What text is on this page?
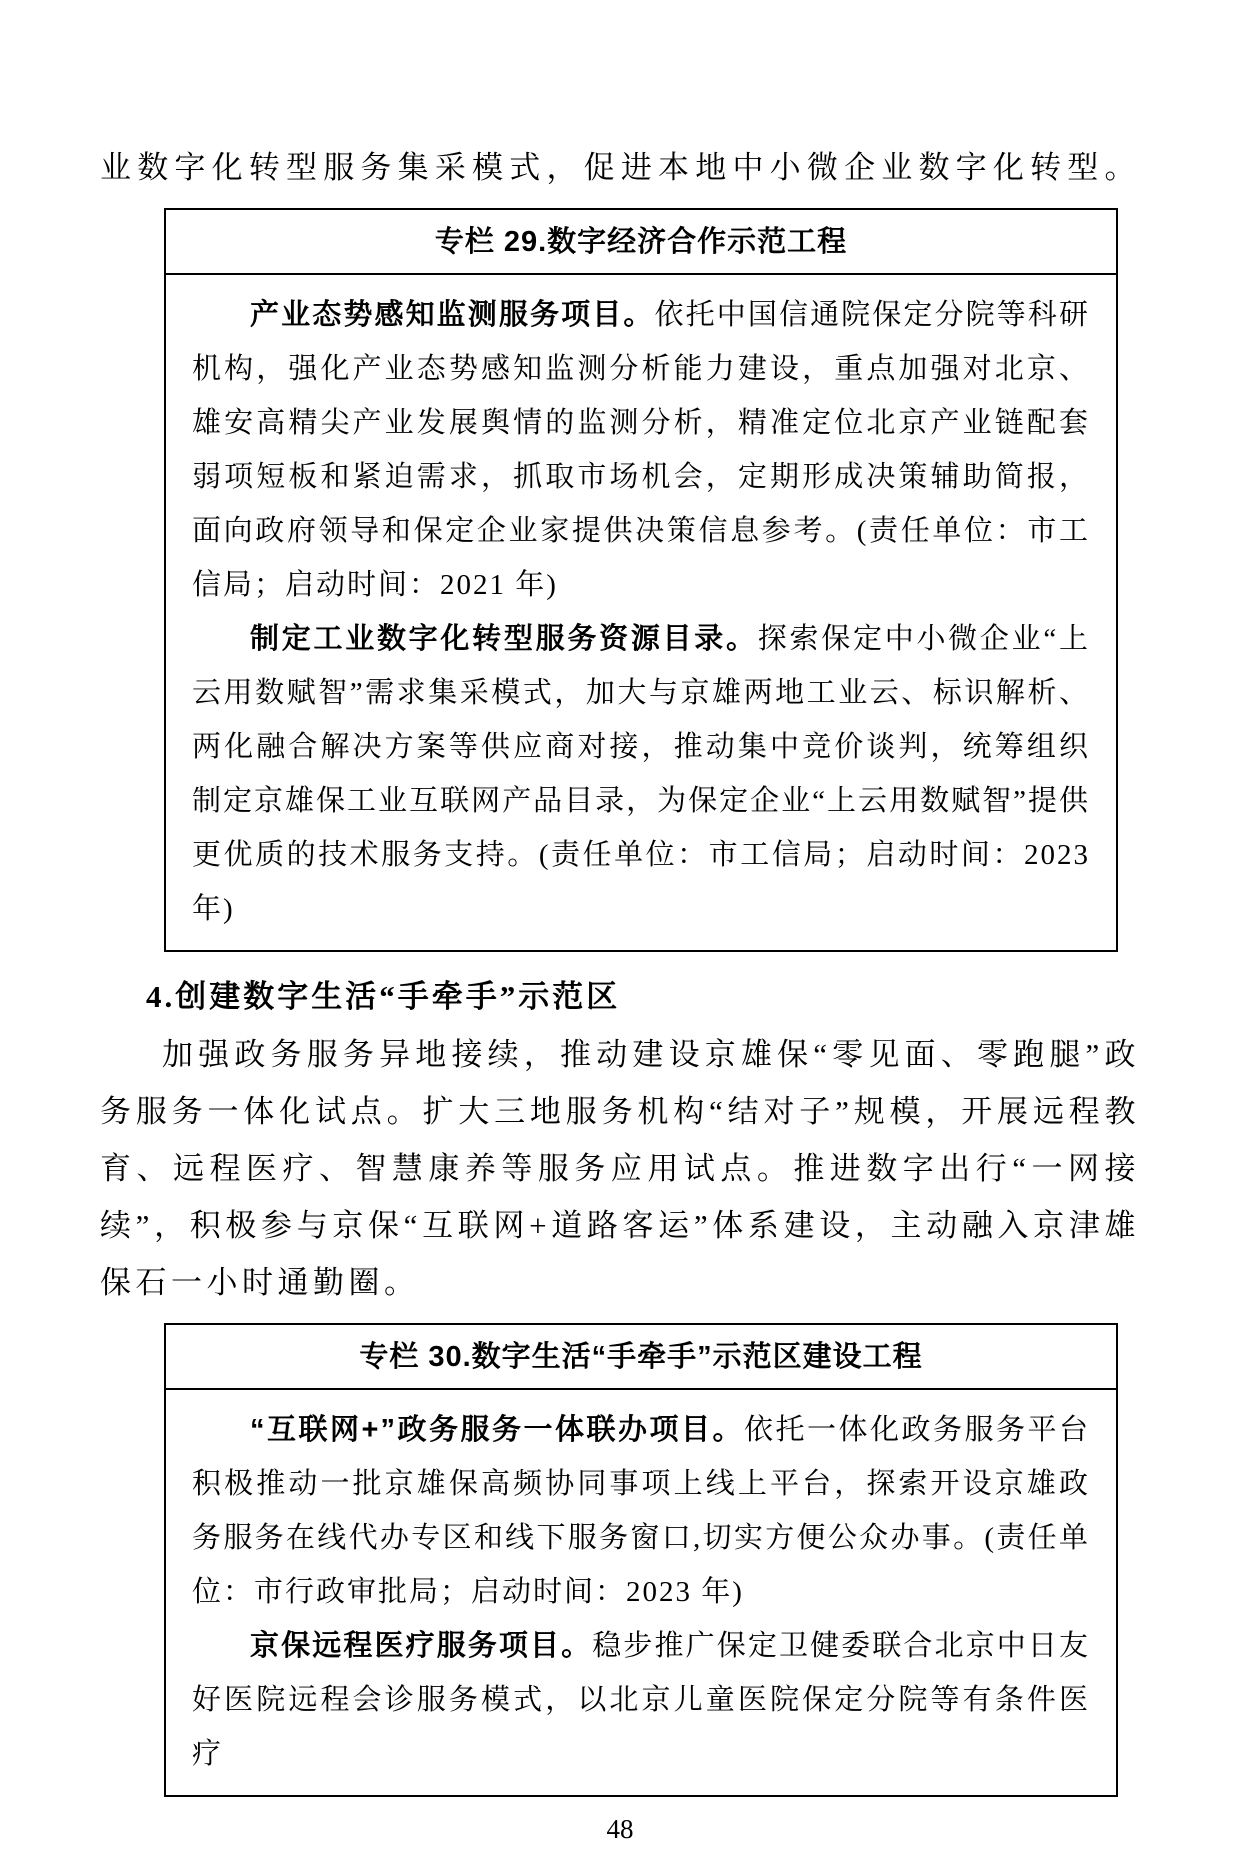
业数字化转型服务集采模式，促进本地中小微企业数字化转型。

专栏 29.数字经济合作示范工程

产业态势感知监测服务项目。依托中国信通院保定分院等科研机构，强化产业态势感知监测分析能力建设，重点加强对北京、雄安高精尖产业发展舆情的监测分析，精准定位北京产业链配套弱项短板和紧迫需求，抓取市场机会，定期形成决策辅助简报，面向政府领导和保定企业家提供决策信息参考。(责任单位：市工信局；启动时间：2021 年)

制定工业数字化转型服务资源目录。探索保定中小微企业“上云用数赋智”需求集采模式，加大与京雄两地工业云、标识解析、两化融合解决方案等供应商对接，推动集中竞价谈判，统筹组织制定京雄保工业互联网产品目录，为保定企业“上云用数赋智”提供更优质的技术服务支持。(责任单位：市工信局；启动时间：2023 年)

4.创建数字生活“手牵手”示范区

加强政务服务异地接续，推动建设京雄保“零见面、零跑腿”政务服务一体化试点。扩大三地服务机构“结对子”规模，开展远程教育、远程医疗、智慧康养等服务应用试点。推进数字出行“一网接续”，积极参与京保“互联网+道路客运”体系建设，主动融入京津雄保石一小时通勤圈。

专栏 30.数字生活“手牵手”示范区建设工程

“互联网+”政务服务一体联办项目。依托一体化政务服务平台积极推动一批京雄保高频协同事项上线上平台，探索开设京雄政务服务在线代办专区和线下服务窗口,切实方便公众办事。(责任单位：市行政审批局；启动时间：2023 年)

京保远程医疗服务项目。稳步推广保定卫健委联合北京中日友好医院远程会诊服务模式，以北京儿童医院保定分院等有条件医疗

48
